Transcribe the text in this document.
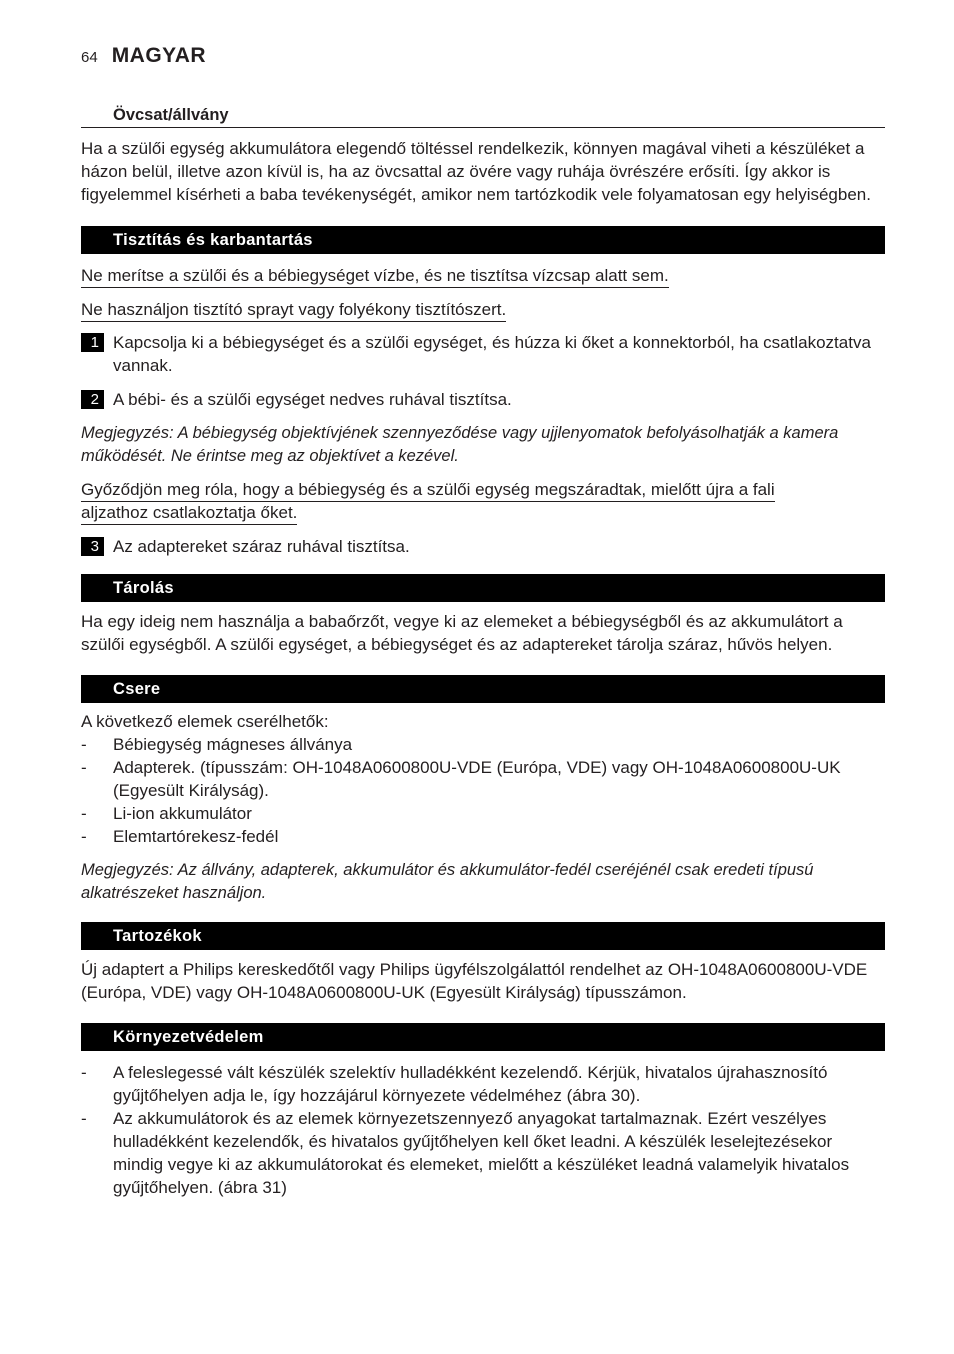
64 MAGYAR
Övcsat/állvány

Ha a szülői egység akkumulátora elegendő töltéssel rendelkezik, könnyen magával viheti a készüléket a házon belül, illetve azon kívül is, ha az övcsattal az övére vagy ruhája övrészére erősíti. Így akkor is figyelemmel kísérheti a baba tevékenységét, amikor nem tartózkodik vele folyamatosan egy helyiségben.

Tisztítás és karbantartás

Ne merítse a szülői és a bébiegységet vízbe, és ne tisztítsa vízcsap alatt sem.

Ne használjon tisztító sprayt vagy folyékony tisztítószert.

1 Kapcsolja ki a bébiegységet és a szülői egységet, és húzza ki őket a konnektorból, ha csatlakoztatva vannak.

2 A bébi- és a szülői egységet nedves ruhával tisztítsa.

Megjegyzés: A bébiegység objektívjének szennyeződése vagy ujjlenyomatok befolyásolhatják a kamera működését. Ne érintse meg az objektívet a kezével.

Győződjön meg róla, hogy a bébiegység és a szülői egység megszáradtak, mielőtt újra a fali aljzathoz csatlakoztatja őket.

3 Az adaptereket száraz ruhával tisztítsa.

Tárolás

Ha egy ideig nem használja a babaőrzőt, vegye ki az elemeket a bébiegységből és az akkumulátort a szülői egységből. A szülői egységet, a bébiegységet és az adaptereket tárolja száraz, hűvös helyen.

Csere

A következő elemek cserélhetők:

-	Bébiegység mágneses állványa
-	Adapterek. (típusszám: OH-1048A0600800U-VDE (Európa, VDE) vagy OH-1048A0600800U-UK (Egyesült Királyság).
-	Li-ion akkumulátor
-	Elemtartórekesz-fedél

Megjegyzés: Az állvány, adapterek, akkumulátor és akkumulátor-fedél cseréjénél csak eredeti típusú alkatrészeket használjon.

Tartozékok

Új adaptert a Philips kereskedőtől vagy Philips ügyfélszolgálattól rendelhet az OH-1048A0600800U-VDE (Európa, VDE) vagy OH-1048A0600800U-UK (Egyesült Királyság) típusszámon.

Környezetvédelem
-	A feleslegessé vált készülék szelektív hulladékként kezelendő. Kérjük, hivatalos újrahasznosító gyűjtőhelyen adja le, így hozzájárul környezete védelméhez (ábra 30).
-	Az akkumulátorok és az elemek környezetszennyező anyagokat tartalmaznak. Ezért veszélyes hulladékként kezelendők, és hivatalos gyűjtőhelyen kell őket leadni. A készülék leselejtezésekor mindig vegye ki az akkumulátorokat és elemeket, mielőtt a készüléket leadná valamelyik hivatalos gyűjtőhelyen. (ábra 31)
